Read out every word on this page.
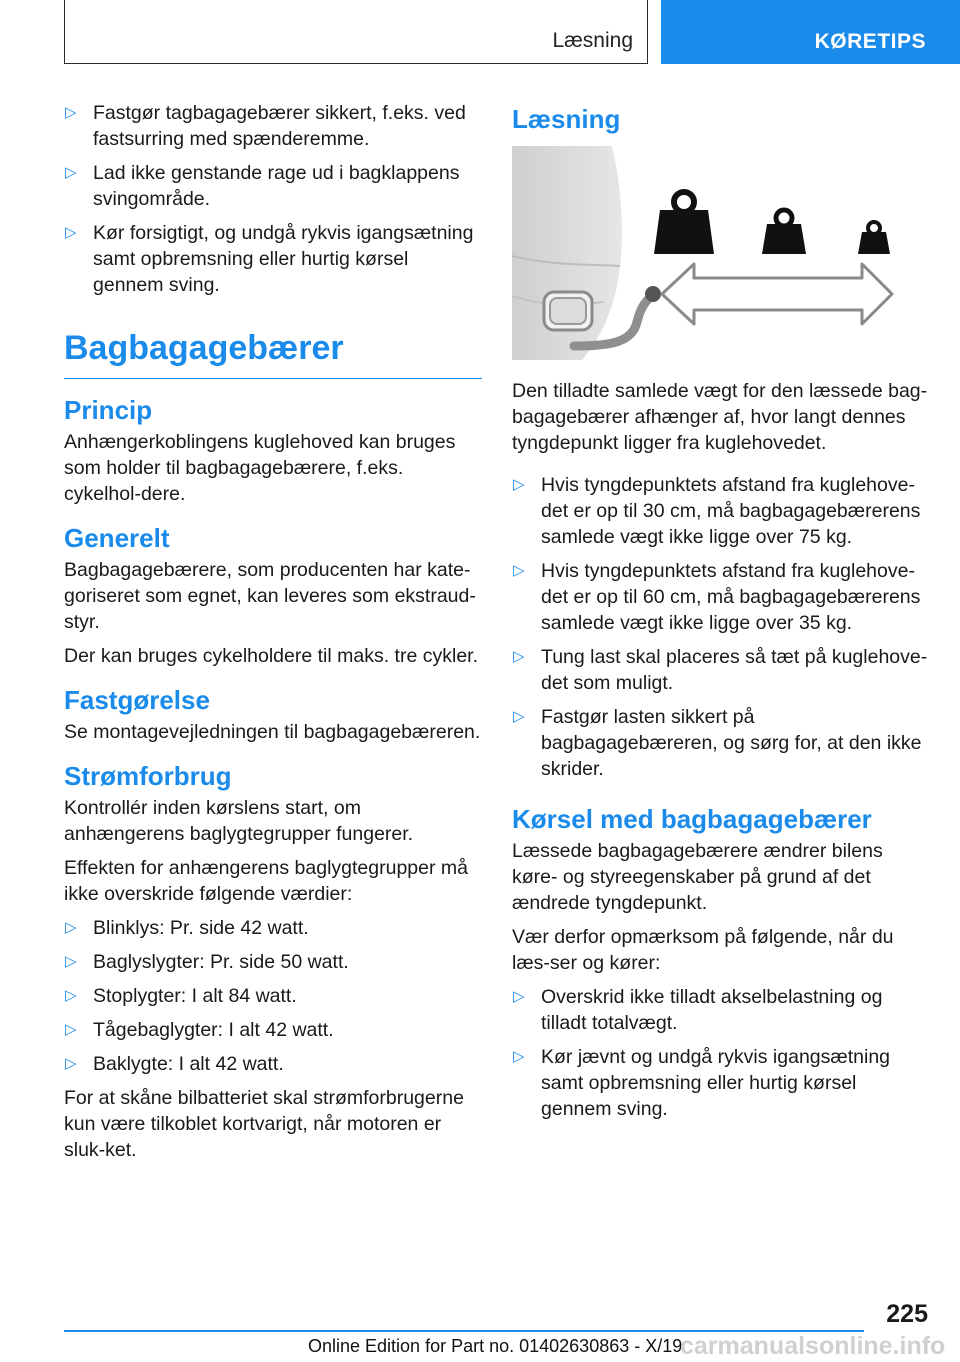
Læsning	KØRETIPS
▷ Fastgør tagbagagebærer sikkert, f.eks. ved fastsurring med spænderemme.
▷ Lad ikke genstande rage ud i bagklappens svingområde.
▷ Kør forsigtigt, og undgå rykvis igangsætning samt opbremsning eller hurtig kørsel gennem sving.
Bagbagagebærer
Princip

Anhængerkoblingens kuglehoved kan bruges som holder til bagbagagebærere, f.eks. cykelhol-dere.

Generelt

Bagbagagebærere, som producenten har kate-goriseret som egnet, kan leveres som ekstraud-styr.

Der kan bruges cykelholdere til maks. tre cykler.

Fastgørelse

Se montagevejledningen til bagbagagebæreren.

Strømforbrug

Kontrollér inden kørslens start, om anhængerens baglygtegrupper fungerer.

Effekten for anhængerens baglygtegrupper må ikke overskride følgende værdier:

▷ Blinklys: Pr. side 42 watt.
▷ Baglyslygter: Pr. side 50 watt.
▷ Stoplygter: I alt 84 watt.
▷ Tågebaglygter: I alt 42 watt.
▷ Baklygte: I alt 42 watt.

For at skåne bilbatteriet skal strømforbrugerne kun være tilkoblet kortvarigt, når motoren er sluk-ket.

Læsning

Den tilladte samlede vægt for den læssede bag-bagagebærer afhænger af, hvor langt dennes tyngdepunkt ligger fra kuglehovedet.

▷ Hvis tyngdepunktets afstand fra kuglehove-det er op til 30 cm, må bagbagagebærerens samlede vægt ikke ligge over 75 kg.
▷ Hvis tyngdepunktets afstand fra kuglehove-det er op til 60 cm, må bagbagagebærerens samlede vægt ikke ligge over 35 kg.
▷ Tung last skal placeres så tæt på kuglehove-det som muligt.
▷ Fastgør lasten sikkert på bagbagagebæreren, og sørg for, at den ikke skrider.
Kørsel med bagbagagebærer

Læssede bagbagagebærere ændrer bilens køre- og styreegenskaber på grund af det ændrede tyngdepunkt.

Vær derfor opmærksom på følgende, når du læs-ser og kører:

▷ Overskrid ikke tilladt akselbelastning og tilladt totalvægt.
▷ Kør jævnt og undgå rykvis igangsætning samt opbremsning eller hurtig kørsel gennem sving.
225
Online Edition for Part no. 01402630863 - X/19
carmanualsonline.info
